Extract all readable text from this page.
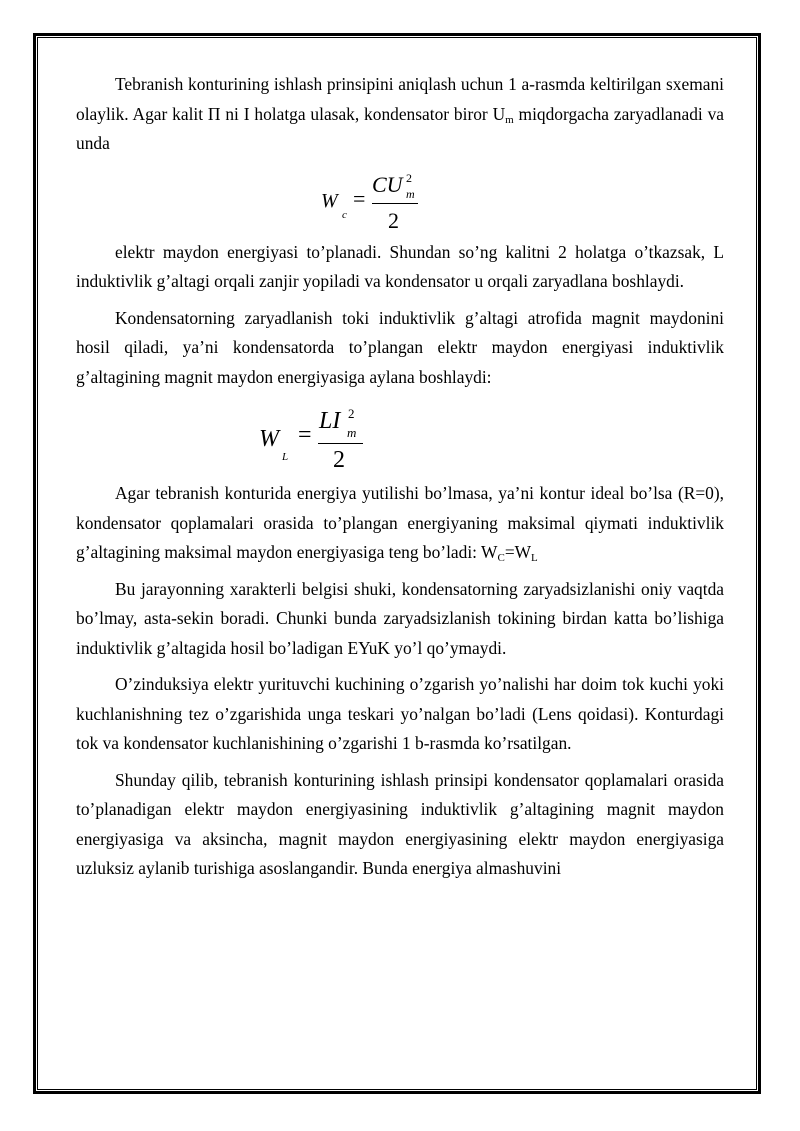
Tebranish konturining ishlash prinsipini aniqlash uchun 1 a-rasmda keltirilgan sxemani olaylik. Agar kalit П ni I holatga ulasak, kondensator biror Um miqdorgacha zaryadlanadi va unda

W
c
=
CU 2
m
2

elektr maydon energiyasi to’planadi. Shundan so’ng kalitni 2 holatga o’tkazsak, L induktivlik g’altagi orqali zanjir yopiladi va kondensator u orqali zaryadlana boshlaydi.

Kondensatorning zaryadlanish toki induktivlik g’altagi atrofida magnit maydonini hosil qiladi, ya’ni kondensatorda to’plangan elektr maydon energiyasi induktivlik g’altagining magnit maydon energiyasiga aylana boshlaydi:

W
L
=
LI 2
m
2

Agar tebranish konturida energiya yutilishi bo’lmasa, ya’ni kontur ideal bo’lsa (R=0), kondensator qoplamalari orasida to’plangan energiyaning maksimal qiymati induktivlik g’altagining maksimal maydon energiyasiga teng bo’ladi: WC=WL

Bu jarayonning xarakterli belgisi shuki, kondensatorning zaryadsizlanishi oniy vaqtda bo’lmay, asta-sekin boradi. Chunki bunda zaryadsizlanish tokining birdan katta bo’lishiga induktivlik g’altagida hosil bo’ladigan EYuK yo’l qo’ymaydi.

O’zinduksiya elektr yurituvchi kuchining o’zgarish yo’nalishi har doim tok kuchi yoki kuchlanishning tez o’zgarishida unga teskari yo’nalgan bo’ladi (Lens qoidasi). Konturdagi tok va kondensator kuchlanishining o’zgarishi 1 b-rasmda ko’rsatilgan.

Shunday qilib, tebranish konturining ishlash prinsipi kondensator qoplamalari orasida to’planadigan elektr maydon energiyasining induktivlik g’altagining magnit maydon energiyasiga va aksincha, magnit maydon energiyasining elektr maydon energiyasiga uzluksiz aylanib turishiga asoslangandir. Bunda energiya almashuvini
